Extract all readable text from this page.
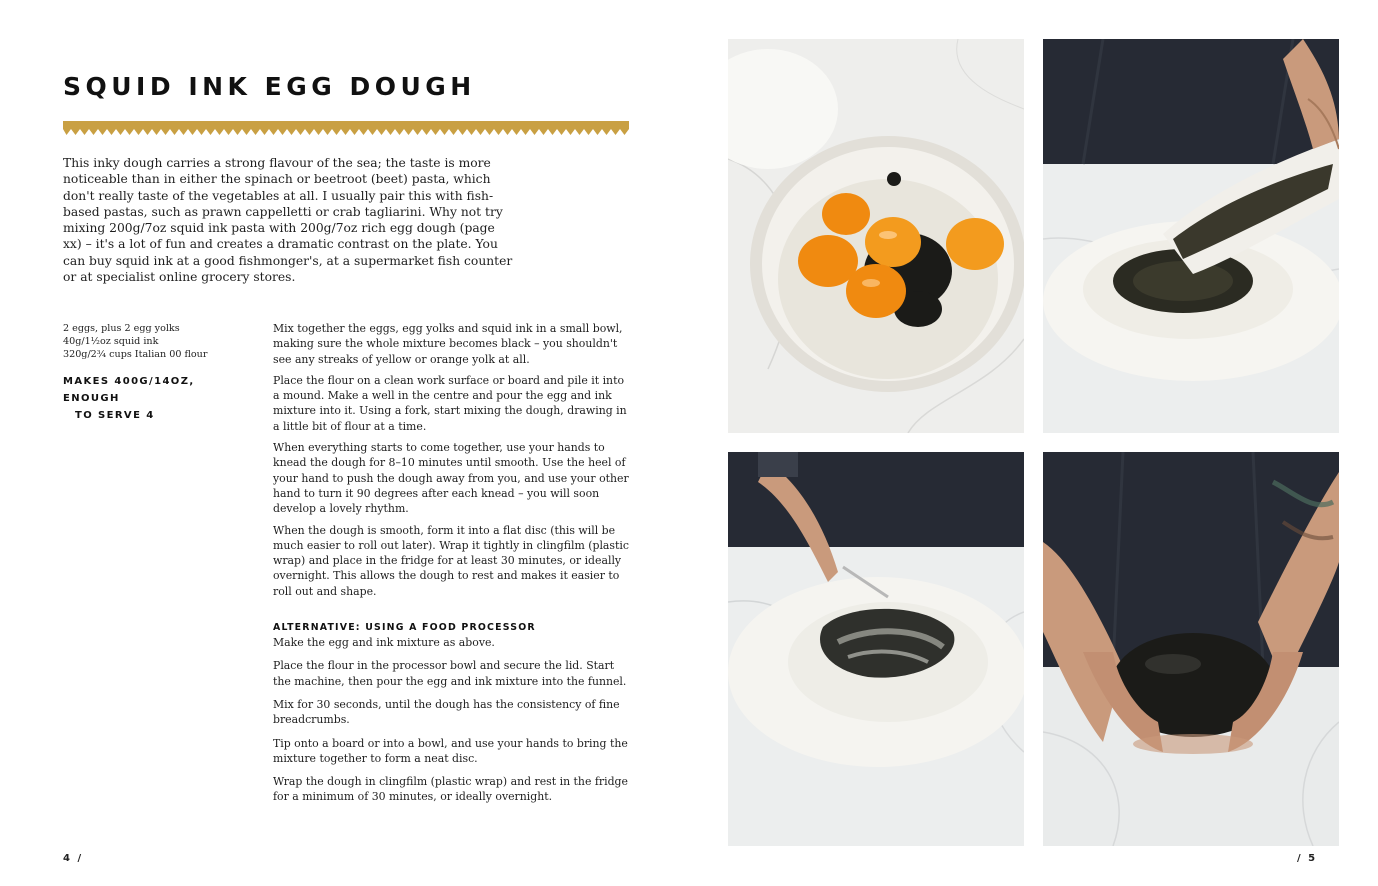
SQUID INK EGG DOUGH

This inky dough carries a strong flavour of the sea; the taste is more noticeable than in either the spinach or beetroot (beet) pasta, which don't really taste of the vegetables at all. I usually pair this with fish-based pastas, such as prawn cappelletti or crab tagliarini. Why not try mixing 200g/7oz squid ink pasta with 200g/7oz rich egg dough (page xx) – it's a lot of fun and creates a dramatic contrast on the plate. You can buy squid ink at a good fishmonger's, at a supermarket fish counter or at specialist online grocery stores.

2 eggs, plus 2 egg yolks
40g/1½oz squid ink
320g/2¾ cups Italian 00 flour
MAKES 400G/14OZ, ENOUGH
TO SERVE 4

Mix together the eggs, egg yolks and squid ink in a small bowl, making sure the whole mixture becomes black – you shouldn't see any streaks of yellow or orange yolk at all.

Place the flour on a clean work surface or board and pile it into a mound. Make a well in the centre and pour the egg and ink mixture into it. Using a fork, start mixing the dough, drawing in a little bit of flour at a time.

When everything starts to come together, use your hands to knead the dough for 8–10 minutes until smooth. Use the heel of your hand to push the dough away from you, and use your other hand to turn it 90 degrees after each knead – you will soon develop a lovely rhythm.

When the dough is smooth, form it into a flat disc (this will be much easier to roll out later). Wrap it tightly in clingfilm (plastic wrap) and place in the fridge for at least 30 minutes, or ideally overnight. This allows the dough to rest and makes it easier to roll out and shape.

ALTERNATIVE: USING A FOOD PROCESSOR

Make the egg and ink mixture as above.

Place the flour in the processor bowl and secure the lid. Start the machine, then pour the egg and ink mixture into the funnel.

Mix for 30 seconds, until the dough has the consistency of fine breadcrumbs.

Tip onto a board or into a bowl, and use your hands to bring the mixture together to form a neat disc.

Wrap the dough in clingfilm (plastic wrap) and rest in the fridge for a minimum of 30 minutes, or ideally overnight.

4 /	/ 5
